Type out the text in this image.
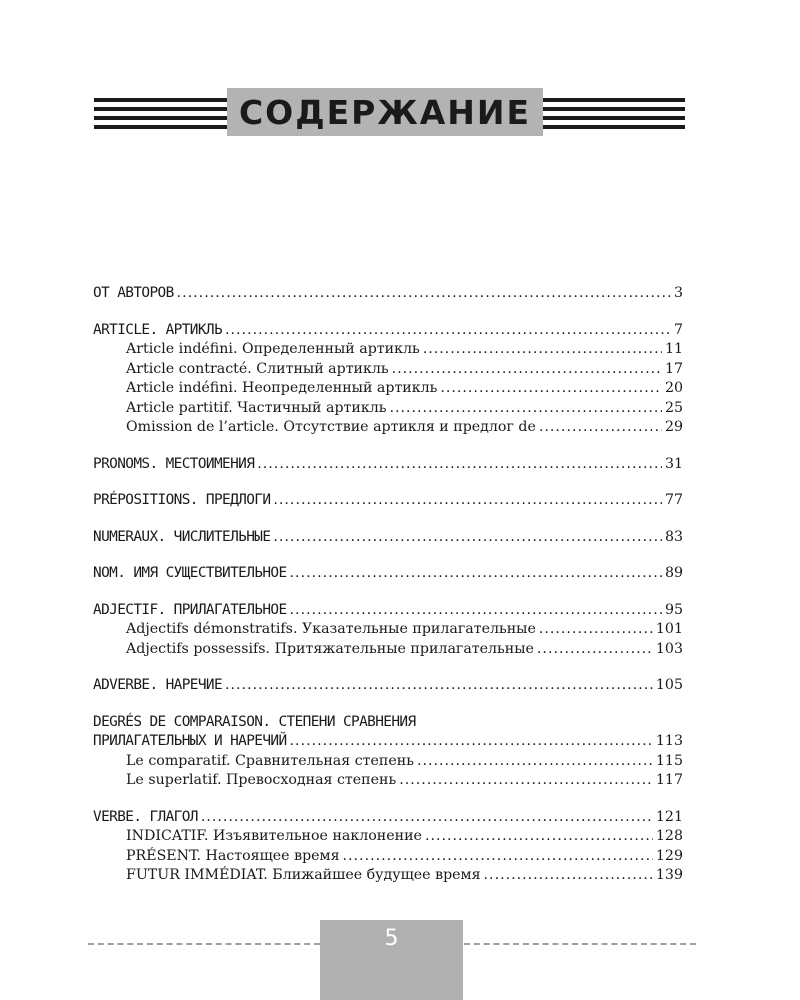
СОДЕРЖАНИЕ
ОТ АВТОРОВ .....	3
ARTICLE. АРТИКЛЬ .....	7
Article indéfini. Определенный артикль .....	11
Article contracté. Слитный артикль .....	17
Article indéfini. Неопределенный артикль .....	20
Article partitif. Частичный артикль .....	25
Omission de l’article. Отсутствие артикля и предлог de .....	29
PRONOMS. МЕСТОИМЕНИЯ .....	31
PRÉPOSITIONS. ПРЕДЛОГИ .....	77
NUMERAUX. ЧИСЛИТЕЛЬНЫЕ .....	83
NOM. ИМЯ СУЩЕСТВИТЕЛЬНОЕ .....	89
ADJECTIF. ПРИЛАГАТЕЛЬНОЕ .....	95
Adjectifs démonstratifs. Указательные прилагательные .....	101
Adjectifs possessifs. Притяжательные прилагательные .....	103
ADVERBE. НАРЕЧИЕ .....	105
DEGRÉS DE COMPARAISON. СТЕПЕНИ СРАВНЕНИЯ
ПРИЛАГАТЕЛЬНЫХ И НАРЕЧИЙ .....	113
Le comparatif. Сравнительная степень .....	115
Le superlatif. Превосходная степень .....	117
VERBE. ГЛАГОЛ .....	121
INDICATIF. Изъявительное наклонение .....	128
PRÉSENT. Настоящее время .....	129
FUTUR IMMÉDIAT. Ближайшее будущее время .....	139
5
